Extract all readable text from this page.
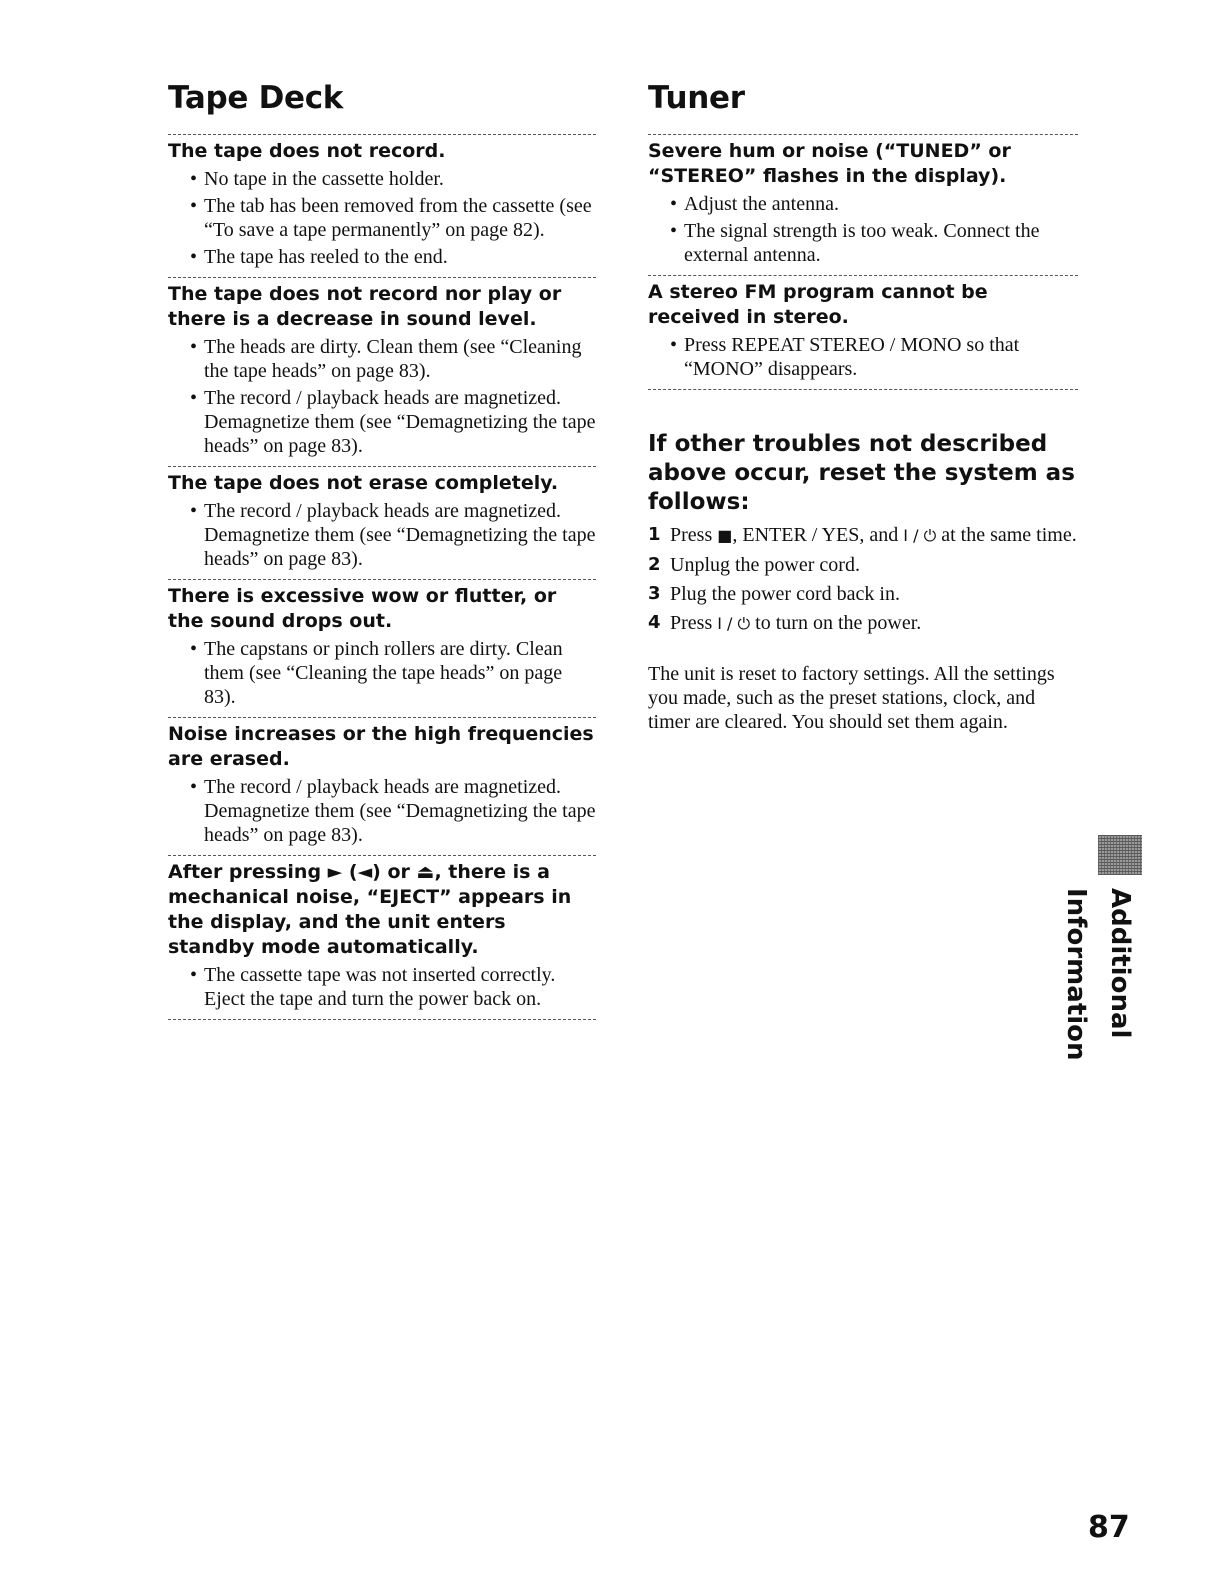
Tape Deck
The tape does not record.
• No tape in the cassette holder.
• The tab has been removed from the cassette (see “To save a tape permanently” on page 82).
• The tape has reeled to the end.
The tape does not record nor play or there is a decrease in sound level.
• The heads are dirty. Clean them (see “Cleaning the tape heads” on page 83).
• The record / playback heads are magnetized. Demagnetize them (see “Demagnetizing the tape heads” on page 83).
The tape does not erase completely.
• The record / playback heads are magnetized. Demagnetize them (see “Demagnetizing the tape heads” on page 83).
There is excessive wow or flutter, or the sound drops out.
• The capstans or pinch rollers are dirty. Clean them (see “Cleaning the tape heads” on page 83).
Noise increases or the high frequencies are erased.
• The record / playback heads are magnetized. Demagnetize them (see “Demagnetizing the tape heads” on page 83).
After pressing ► (◄) or ⏏, there is a mechanical noise, “EJECT” appears in the display, and the unit enters standby mode automatically.
• The cassette tape was not inserted correctly. Eject the tape and turn the power back on.
Tuner
Severe hum or noise (“TUNED” or “STEREO” flashes in the display).
• Adjust the antenna.
• The signal strength is too weak. Connect the external antenna.
A stereo FM program cannot be received in stereo.
• Press REPEAT STEREO / MONO so that “MONO” disappears.
If other troubles not described above occur, reset the system as follows:
1 Press ■, ENTER / YES, and I / ⏻ at the same time.
2 Unplug the power cord.
3 Plug the power cord back in.
4 Press I / ⏻ to turn on the power.

The unit is reset to factory settings. All the settings you made, such as the preset stations, clock, and timer are cleared. You should set them again.

Additional Information
87
